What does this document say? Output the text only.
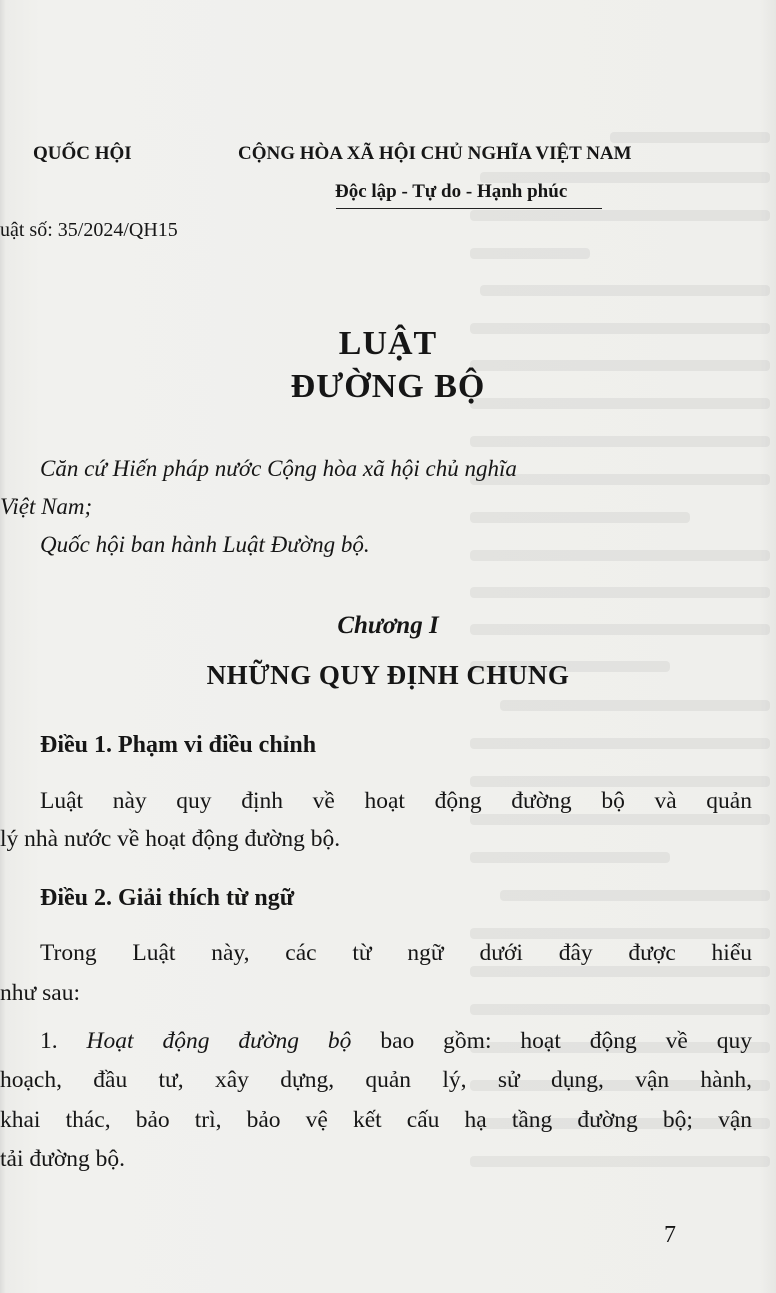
QUỐC HỘI	CỘNG HÒA XÃ HỘI CHỦ NGHĨA VIỆT NAM
Độc lập - Tự do - Hạnh phúc
uật số: 35/2024/QH15
LUẬT
ĐƯỜNG BỘ
Căn cứ Hiến pháp nước Cộng hòa xã hội chủ nghĩa
Việt Nam;
Quốc hội ban hành Luật Đường bộ.
Chương I
NHỮNG QUY ĐỊNH CHUNG
Điều 1. Phạm vi điều chỉnh
Luật này quy định về hoạt động đường bộ và quản
lý nhà nước về hoạt động đường bộ.
Điều 2. Giải thích từ ngữ
Trong Luật này, các từ ngữ dưới đây được hiểu
như sau:
1. Hoạt động đường bộ bao gồm: hoạt động về quy
hoạch, đầu tư, xây dựng, quản lý, sử dụng, vận hành,
khai thác, bảo trì, bảo vệ kết cấu hạ tầng đường bộ; vận
tải đường bộ.
7
